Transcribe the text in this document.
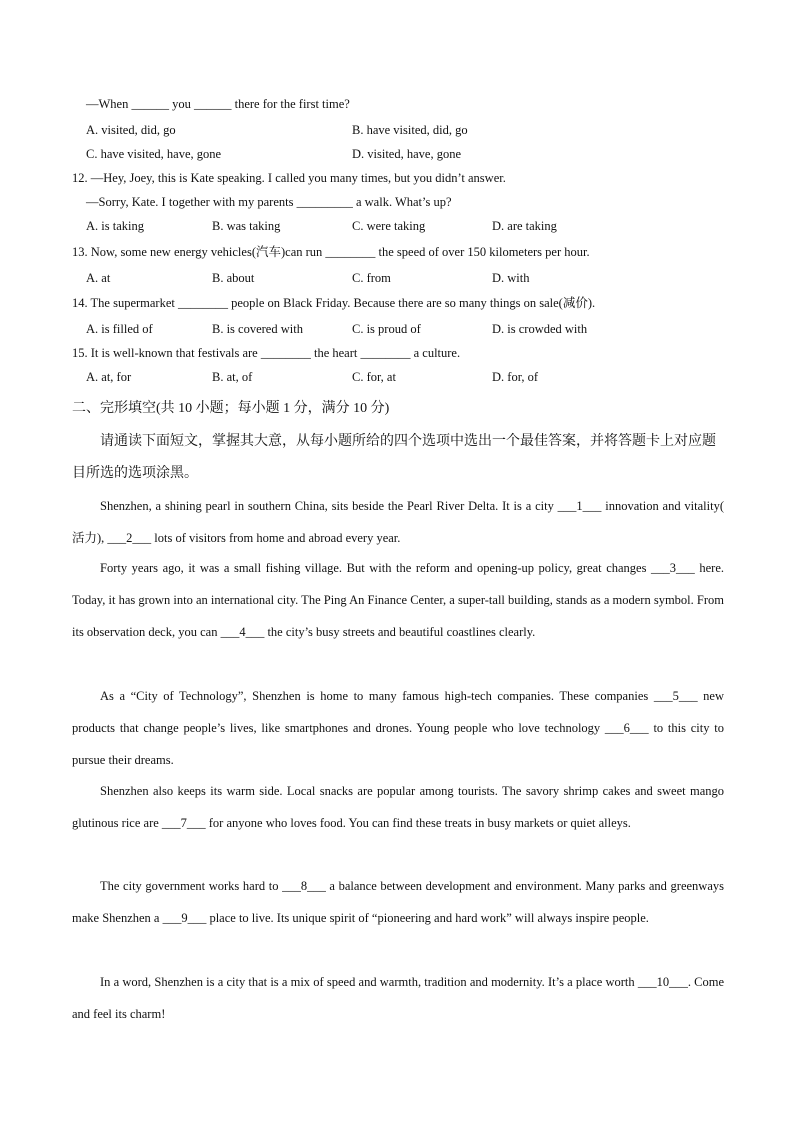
—When ______ you ______ there for the first time?
A. visited, did, go	B. have visited, did, go
C. have visited, have, gone	D. visited, have, gone
12. —Hey, Joey, this is Kate speaking. I called you many times, but you didn’t answer.
—Sorry, Kate. I together with my parents _________ a walk. What’s up?
A. is taking	B. was taking	C. were taking	D. are taking
13. Now, some new energy vehicles(汽车)can run ________ the speed of over 150 kilometers per hour.
A. at	B. about	C. from	D. with
14. The supermarket ________ people on Black Friday. Because there are so many things on sale(减价).
A. is filled of	B. is covered with	C. is proud of	D. is crowded with
15. It is well-known that festivals are ________ the heart ________ a culture.
A. at, for	B. at, of	C. for, at	D. for, of
二、完形填空(共 10 小题；每小题 1 分，满分 10 分)
请通读下面短文，掌握其大意，从每小题所给的四个选项中选出一个最佳答案，并将答题卡上对应题目所选的选项涂黑。
Shenzhen, a shining pearl in southern China, sits beside the Pearl River Delta. It is a city ___1___ innovation and vitality( 活力), ___2___ lots of visitors from home and abroad every year.
Forty years ago, it was a small fishing village. But with the reform and opening-up policy, great changes ___3___ here. Today, it has grown into an international city. The Ping An Finance Center, a super-tall building, stands as a modern symbol. From its observation deck, you can ___4___ the city’s busy streets and beautiful coastlines clearly.
As a “City of Technology”, Shenzhen is home to many famous high-tech companies. These companies ___5___ new products that change people’s lives, like smartphones and drones. Young people who love technology ___6___ to this city to pursue their dreams.
Shenzhen also keeps its warm side. Local snacks are popular among tourists. The savory shrimp cakes and sweet mango glutinous rice are ___7___ for anyone who loves food. You can find these treats in busy markets or quiet alleys.
The city government works hard to ___8___ a balance between development and environment. Many parks and greenways make Shenzhen a ___9___ place to live. Its unique spirit of “pioneering and hard work” will always inspire people.
In a word, Shenzhen is a city that is a mix of speed and warmth, tradition and modernity. It’s a place worth ___10___. Come and feel its charm!
